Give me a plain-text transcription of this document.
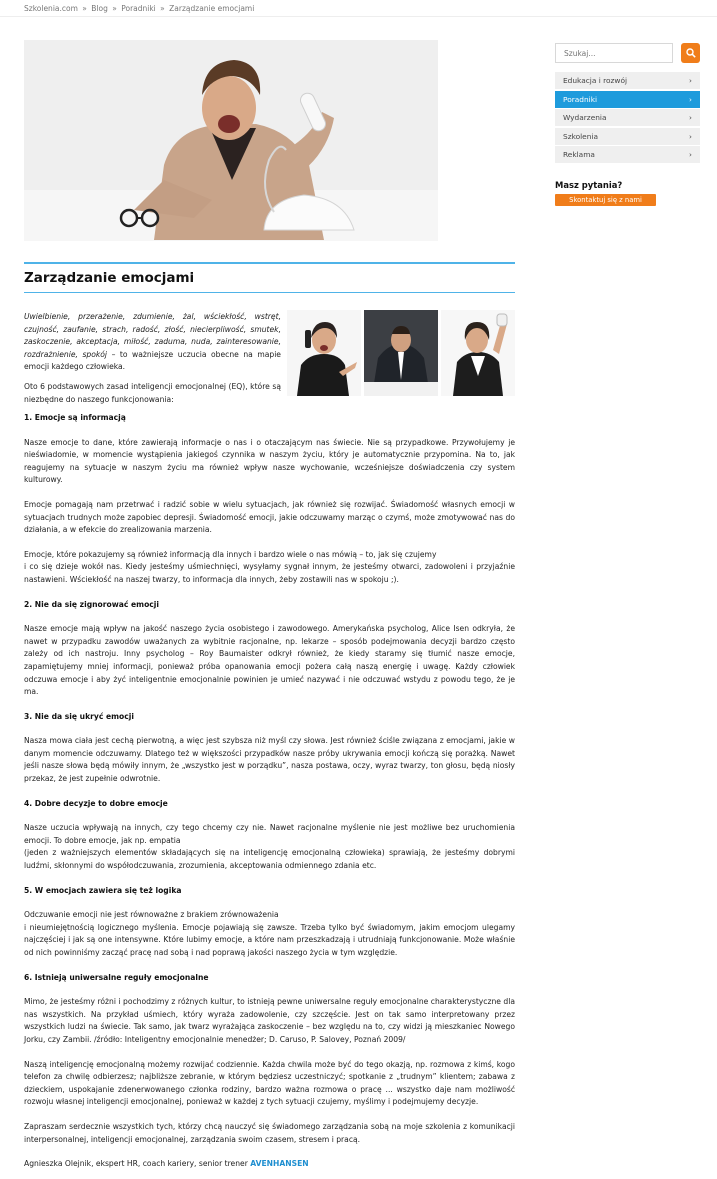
Szkolenia.com » Blog » Poradniki » Zarządzanie emocjami
Zarządzanie emocjami

Uwielbienie, przerażenie, zdumienie, żal, wściekłość, wstręt, czujność, zaufanie, strach, radość, złość, niecierpliwość, smutek, zaskoczenie, akceptacja, miłość, zaduma, nuda, zainteresowanie, rozdrażnienie, spokój – to ważniejsze uczucia obecne na mapie emocji każdego człowieka.

Oto 6 podstawowych zasad inteligencji emocjonalnej (EQ), które są niezbędne do naszego funkcjonowania:

1. Emocje są informacją

Nasze emocje to dane, które zawierają informacje o nas i o otaczającym nas świecie. Nie są przypadkowe. Przywołujemy je nieświadomie, w momencie wystąpienia jakiegoś czynnika w naszym życiu, który je automatycznie przypomina. Na to, jak reagujemy na sytuacje w naszym życiu ma również wpływ nasze wychowanie, wcześniejsze doświadczenia czy system kulturowy.

Emocje pomagają nam przetrwać i radzić sobie w wielu sytuacjach, jak również się rozwijać. Świadomość własnych emocji w sytuacjach trudnych może zapobiec depresji. Świadomość emocji, jakie odczuwamy marząc o czymś, może zmotywować nas do działania, a w efekcie do zrealizowania marzenia.

Emocje, które pokazujemy są również informacją dla innych i bardzo wiele o nas mówią – to, jak się czujemy
i co się dzieje wokół nas. Kiedy jesteśmy uśmiechnięci, wysyłamy sygnał innym, że jesteśmy otwarci, zadowoleni i przyjaźnie nastawieni. Wściekłość na naszej twarzy, to informacja dla innych, żeby zostawili nas w spokoju ;).

2. Nie da się zignorować emocji

Nasze emocje mają wpływ na jakość naszego życia osobistego i zawodowego. Amerykańska psycholog, Alice Isen odkryła, że nawet w przypadku zawodów uważanych za wybitnie racjonalne, np. lekarze – sposób podejmowania decyzji bardzo często zależy od ich nastroju. Inny psycholog – Roy Baumaister odkrył również, że kiedy staramy się tłumić nasze emocje, zapamiętujemy mniej informacji, ponieważ próba opanowania emocji pożera całą naszą energię i uwagę. Każdy człowiek odczuwa emocje i aby żyć inteligentnie emocjonalnie powinien je umieć nazywać i nie odczuwać wstydu z powodu tego, że je ma.

3. Nie da się ukryć emocji

Nasza mowa ciała jest cechą pierwotną, a więc jest szybsza niż myśl czy słowa. Jest również ściśle związana z emocjami, jakie w danym momencie odczuwamy. Dlatego też w większości przypadków nasze próby ukrywania emocji kończą się porażką. Nawet jeśli nasze słowa będą mówiły innym, że „wszystko jest w porządku”, nasza postawa, oczy, wyraz twarzy, ton głosu, będą niosły przekaz, że jest zupełnie odwrotnie.

4. Dobre decyzje to dobre emocje

Nasze uczucia wpływają na innych, czy tego chcemy czy nie. Nawet racjonalne myślenie nie jest możliwe bez uruchomienia emocji. To dobre emocje, jak np. empatia
(jeden z ważniejszych elementów składających się na inteligencję emocjonalną człowieka) sprawiają, że jesteśmy dobrymi ludźmi, skłonnymi do współodczuwania, zrozumienia, akceptowania odmiennego zdania etc.

5. W emocjach zawiera się też logika

Odczuwanie emocji nie jest równoważne z brakiem zrównoważenia
i nieumiejętnością logicznego myślenia. Emocje pojawiają się zawsze. Trzeba tylko być świadomym, jakim emocjom ulegamy najczęściej i jak są one intensywne. Które lubimy emocje, a które nam przeszkadzają i utrudniają funkcjonowanie. Może właśnie od nich powinniśmy zacząć pracę nad sobą i nad poprawą jakości naszego życia w tym względzie.

6. Istnieją uniwersalne reguły emocjonalne

Mimo, że jesteśmy różni i pochodzimy z różnych kultur, to istnieją pewne uniwersalne reguły emocjonalne charakterystyczne dla nas wszystkich. Na przykład uśmiech, który wyraża zadowolenie, czy szczęście. Jest on tak samo interpretowany przez wszystkich ludzi na świecie. Tak samo, jak twarz wyrażająca zaskoczenie – bez względu na to, czy widzi ją mieszkaniec Nowego Jorku, czy Zambii. /źródło: Inteligentny emocjonalnie menedżer; D. Caruso, P. Salovey, Poznań 2009/

Naszą inteligencję emocjonalną możemy rozwijać codziennie. Każda chwila może być do tego okazją, np. rozmowa z kimś, kogo telefon za chwilę odbierzesz; najbliższe zebranie, w którym będziesz uczestniczyć; spotkanie z „trudnym” klientem; zabawa z dzieckiem, uspokajanie zdenerwowanego członka rodziny, bardzo ważna rozmowa o pracę ... wszystko daje nam możliwość rozwoju własnej inteligencji emocjonalnej, ponieważ w każdej z tych sytuacji czujemy, myślimy i podejmujemy decyzje.

Zapraszam serdecznie wszystkich tych, którzy chcą nauczyć się świadomego zarządzania sobą na moje szkolenia z komunikacji interpersonalnej, inteligencji emocjonalnej, zarządzania swoim czasem, stresem i pracą.

Agnieszka Olejnik, ekspert HR, coach kariery, senior trener AVENHANSEN

Szukaj...
Edukacja i rozwój	›
Poradniki	›
Wydarzenia	›
Szkolenia	›
Reklama	›
Masz pytania?
Skontaktuj się z nami
